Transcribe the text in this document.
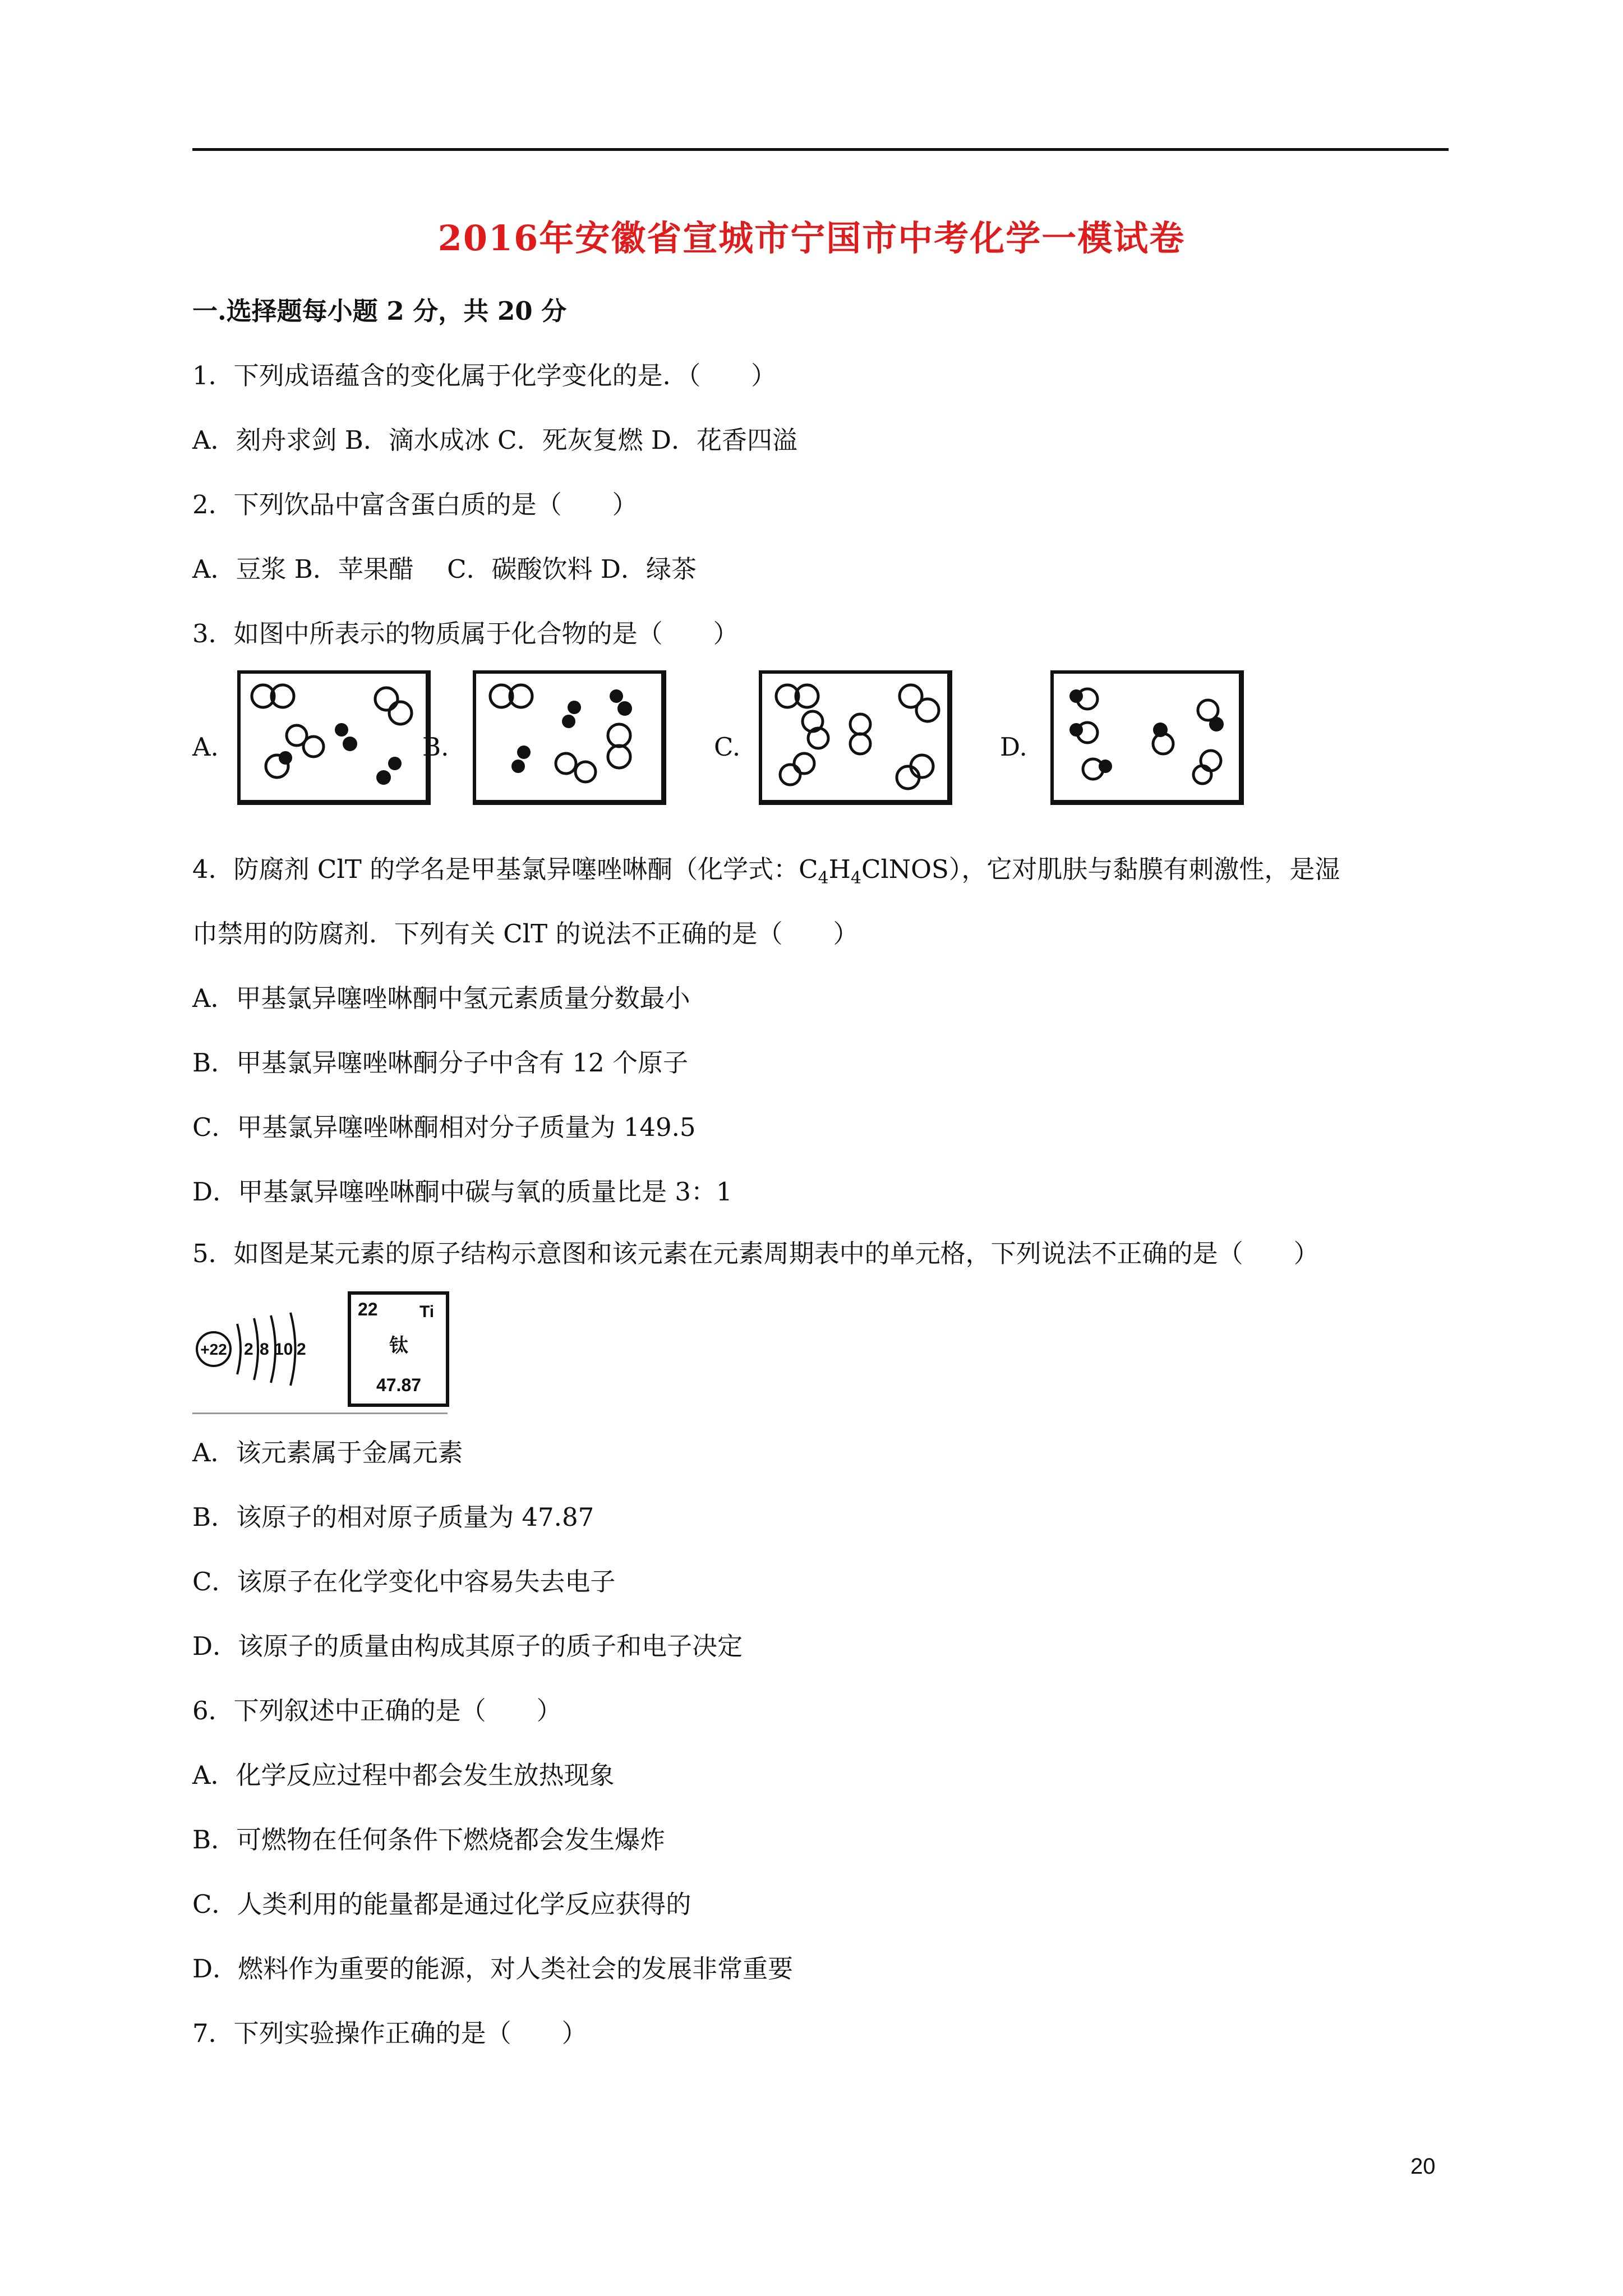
2016年安徽省宣城市宁国市中考化学一模试卷
一.选择题每小题 2 分，共 20 分
1．下列成语蕴含的变化属于化学变化的是．（　　）
A．刻舟求剑 B．滴水成冰 C．死灰复燃 D．花香四溢
2．下列饮品中富含蛋白质的是（　　）
A．豆浆 B．苹果醋　 C．碳酸饮料 D．绿茶
3．如图中所表示的物质属于化合物的是（　　）
A.	B.	C.	D.
4．防腐剂 ClT 的学名是甲基氯异噻唑啉酮（化学式：$C_4H_4ClNOS$），它对肌肤与黏膜有刺激性，是湿
巾禁用的防腐剂．下列有关 ClT 的说法不正确的是（　　）
A．甲基氯异噻唑啉酮中氢元素质量分数最小
B．甲基氯异噻唑啉酮分子中含有 12 个原子
C．甲基氯异噻唑啉酮相对分子质量为 149.5
D．甲基氯异噻唑啉酮中碳与氧的质量比是 3：1
5．如图是某元素的原子结构示意图和该元素在元素周期表中的单元格，下列说法不正确的是（　　）
+22 2 8 10 2
22 Ti
钛
47.87
A．该元素属于金属元素
B．该原子的相对原子质量为 47.87
C．该原子在化学变化中容易失去电子
D．该原子的质量由构成其原子的质子和电子决定
6．下列叙述中正确的是（　　）
A．化学反应过程中都会发生放热现象
B．可燃物在任何条件下燃烧都会发生爆炸
C．人类利用的能量都是通过化学反应获得的
D．燃料作为重要的能源，对人类社会的发展非常重要
7．下列实验操作正确的是（　　）
20
